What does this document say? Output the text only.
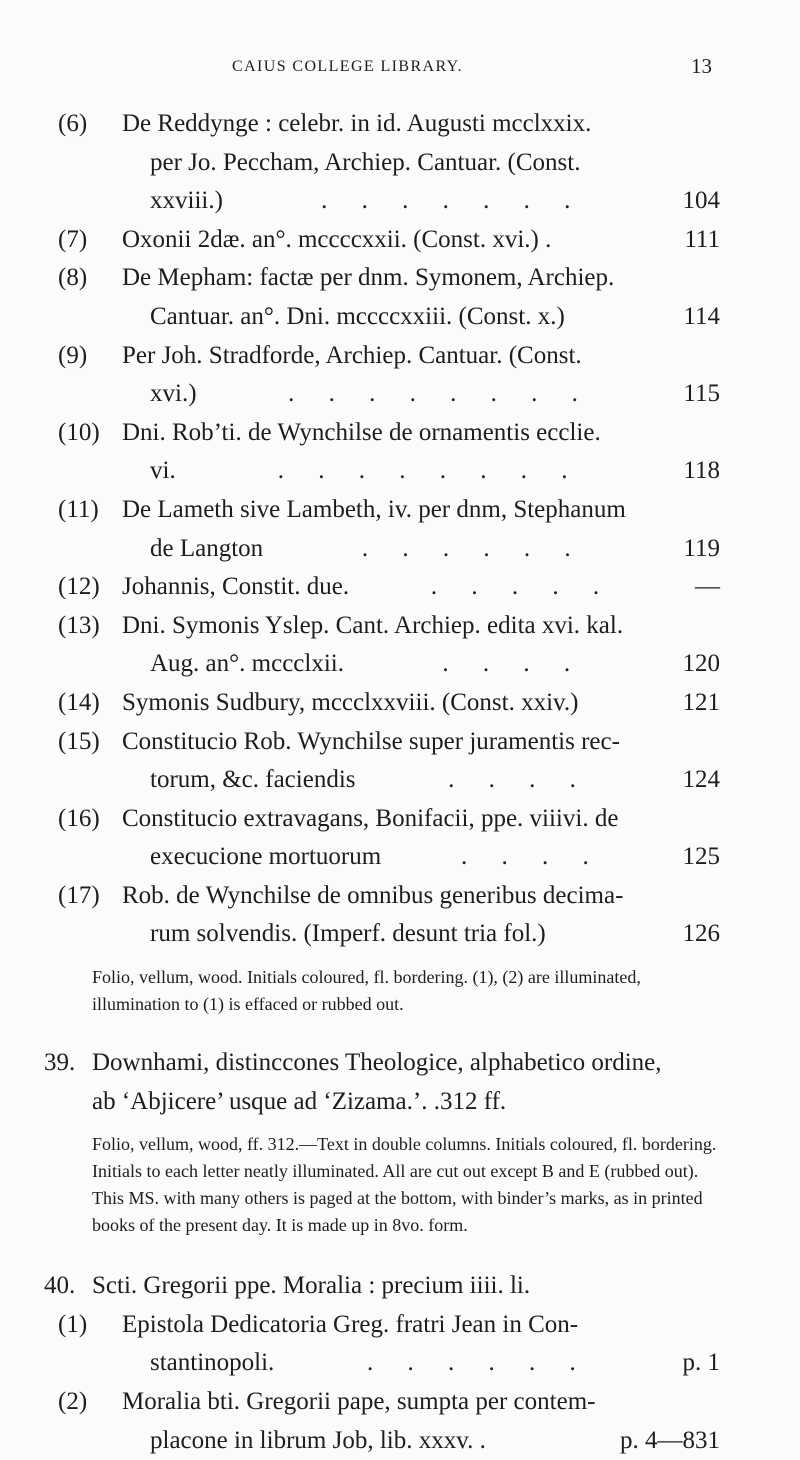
CAIUS COLLEGE LIBRARY.	13
(6) De Reddynge : celebr. in id. Augusti mcclxxix.
per Jo. Peccham, Archiep. Cantuar. (Const.
xxviii.)	. . . . . . .	104
(7) Oxonii 2dæ. an°. mccccxxii. (Const. xvi.) .	111
(8) De Mepham: factæ per dnm. Symonem, Archiep.
Cantuar. an°. Dni. mccccxxiii. (Const. x.)	114
(9) Per Joh. Stradforde, Archiep. Cantuar. (Const.
xvi.)	. . . . . . . .	115
(10) Dni. Rob’ti. de Wynchilse de ornamentis ecclie.
vi.	. . . . . . . .	118
(11) De Lameth sive Lambeth, iv. per dnm, Stephanum
de Langton	. . . . . .	119
(12) Johannis, Constit. due.	. . . . .	—
(13) Dni. Symonis Yslep. Cant. Archiep. edita xvi. kal.
Aug. an°. mccclxii.	. . . .	120
(14) Symonis Sudbury, mccclxxviii. (Const. xxiv.)	121
(15) Constitucio Rob. Wynchilse super juramentis rec-
torum, &c. faciendis	. . . .	124
(16) Constitucio extravagans, Bonifacii, ppe. viiivi. de
execucione mortuorum	. . . .	125
(17) Rob. de Wynchilse de omnibus generibus decima-
rum solvendis. (Imperf. desunt tria fol.)	126

Folio, vellum, wood. Initials coloured, fl. bordering. (1), (2) are illuminated, illumination to (1) is effaced or rubbed out.

39. Downhami, distinccones Theologice, alphabetico ordine,
ab ‘Abjicere’ usque ad ‘Zizama.’ . . 312 ff.

Folio, vellum, wood, ff. 312.—Text in double columns. Initials coloured, fl. bordering. Initials to each letter neatly illuminated. All are cut out except B and E (rubbed out). This MS. with many others is paged at the bottom, with binder’s marks, as in printed books of the present day. It is made up in 8vo. form.

40. Scti. Gregorii ppe. Moralia : precium iiii. li.
(1) Epistola Dedicatoria Greg. fratri Jean in Con-
stantinopoli.	. . . . . .	p. 1
(2) Moralia bti. Gregorii pape, sumpta per contem-
placone in librum Job, lib. xxxv. .	p. 4—831
